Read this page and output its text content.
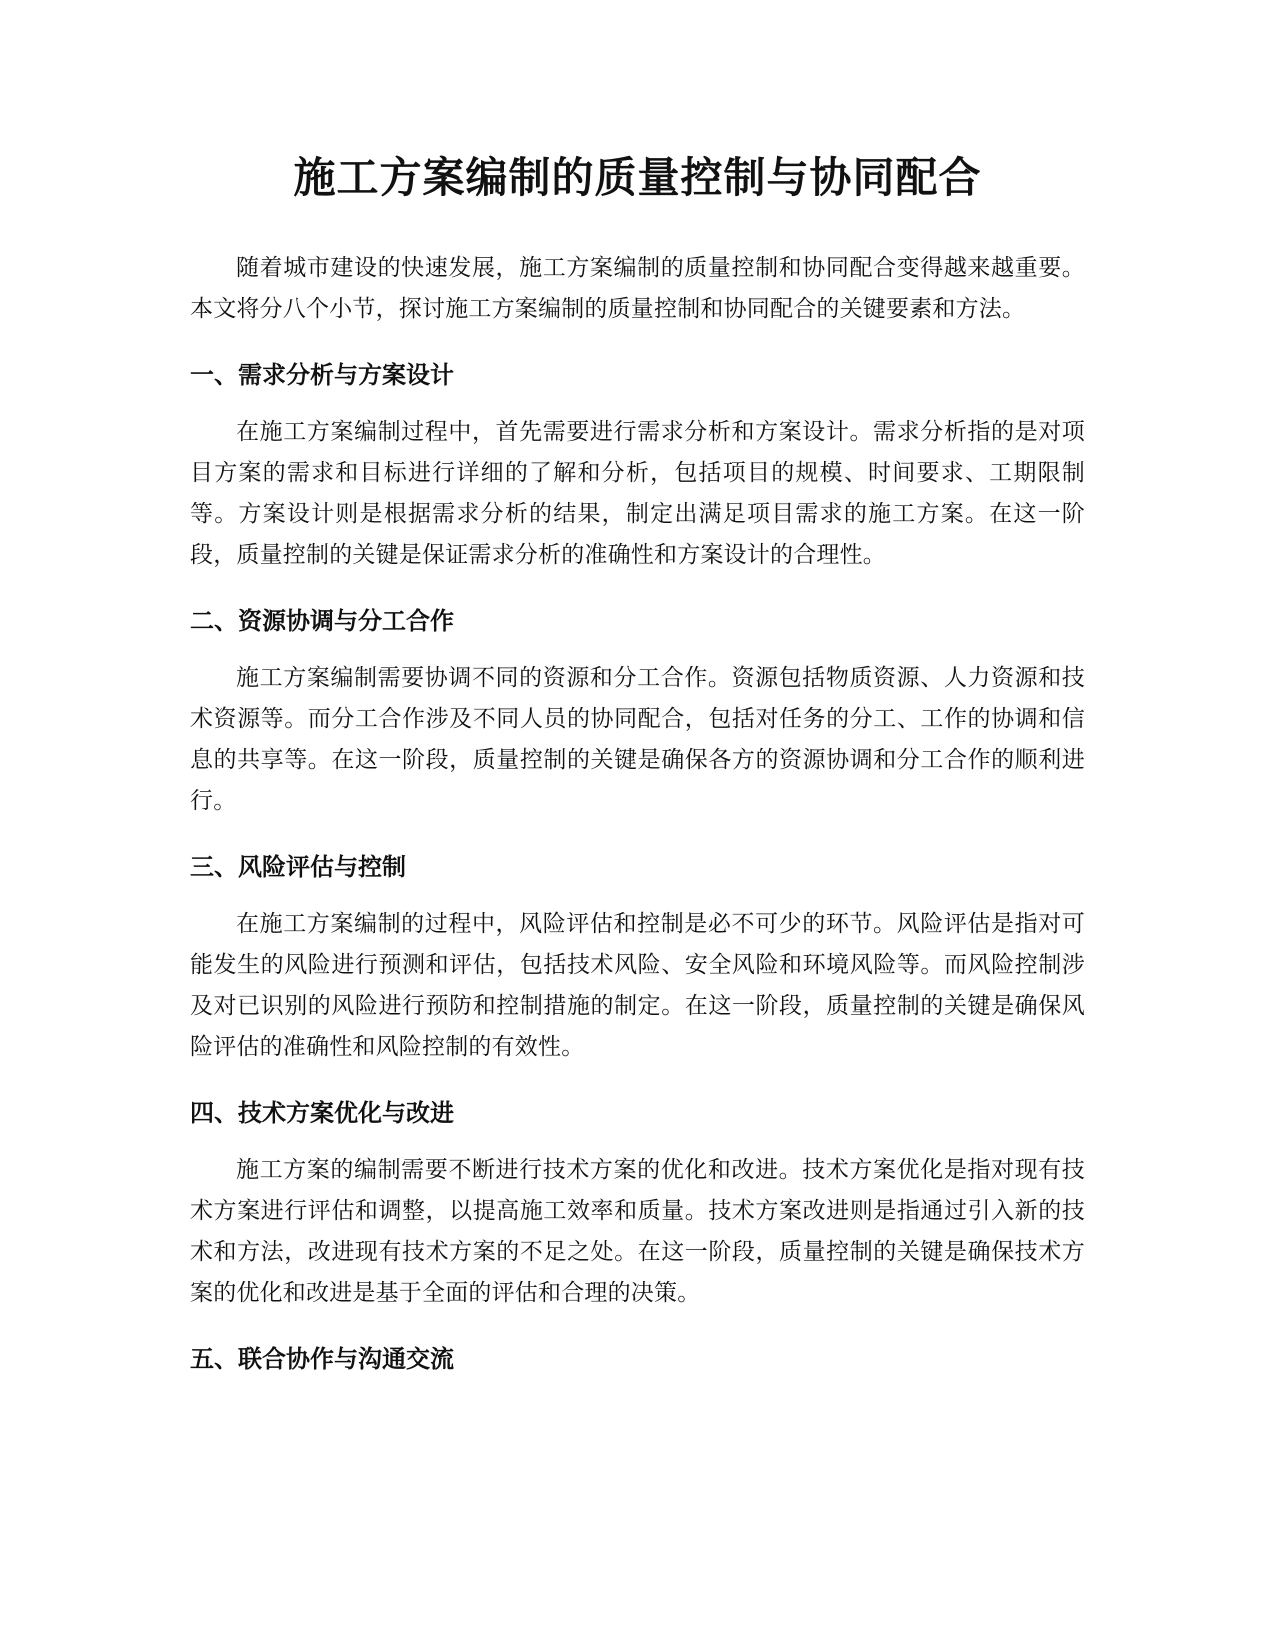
施工方案编制的质量控制与协同配合

随着城市建设的快速发展，施工方案编制的质量控制和协同配合变得越来越重要。本文将分八个小节，探讨施工方案编制的质量控制和协同配合的关键要素和方法。

一、需求分析与方案设计

在施工方案编制过程中，首先需要进行需求分析和方案设计。需求分析指的是对项目方案的需求和目标进行详细的了解和分析，包括项目的规模、时间要求、工期限制等。方案设计则是根据需求分析的结果，制定出满足项目需求的施工方案。在这一阶段，质量控制的关键是保证需求分析的准确性和方案设计的合理性。

二、资源协调与分工合作

施工方案编制需要协调不同的资源和分工合作。资源包括物质资源、人力资源和技术资源等。而分工合作涉及不同人员的协同配合，包括对任务的分工、工作的协调和信息的共享等。在这一阶段，质量控制的关键是确保各方的资源协调和分工合作的顺利进行。

三、风险评估与控制

在施工方案编制的过程中，风险评估和控制是必不可少的环节。风险评估是指对可能发生的风险进行预测和评估，包括技术风险、安全风险和环境风险等。而风险控制涉及对已识别的风险进行预防和控制措施的制定。在这一阶段，质量控制的关键是确保风险评估的准确性和风险控制的有效性。

四、技术方案优化与改进

施工方案的编制需要不断进行技术方案的优化和改进。技术方案优化是指对现有技术方案进行评估和调整，以提高施工效率和质量。技术方案改进则是指通过引入新的技术和方法，改进现有技术方案的不足之处。在这一阶段，质量控制的关键是确保技术方案的优化和改进是基于全面的评估和合理的决策。

五、联合协作与沟通交流
